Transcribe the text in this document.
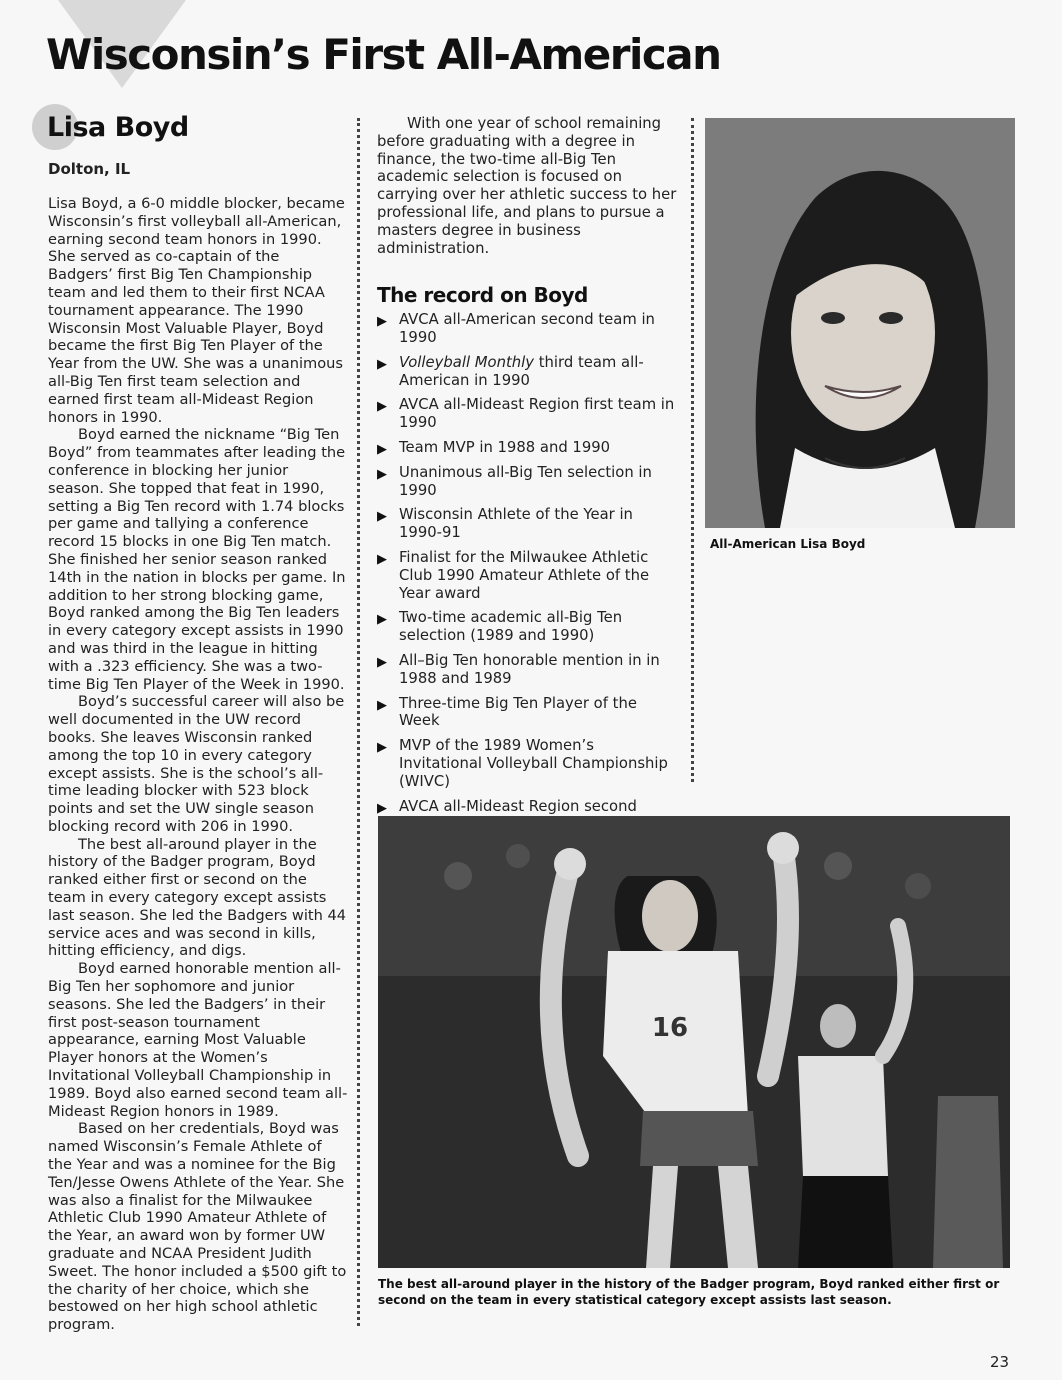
Wisconsin’s First All-American
Lisa Boyd

Dolton, IL

Lisa Boyd, a 6-0 middle blocker, became Wisconsin’s first volleyball all-American, earning second team honors in 1990. She served as co-captain of the Badgers’ first Big Ten Championship team and led them to their first NCAA tournament appearance. The 1990 Wisconsin Most Valuable Player, Boyd became the first Big Ten Player of the Year from the UW. She was a unanimous all-Big Ten first team selection and earned first team all-Mideast Region honors in 1990.

Boyd earned the nickname “Big Ten Boyd” from teammates after leading the conference in blocking her junior season. She topped that feat in 1990, setting a Big Ten record with 1.74 blocks per game and tallying a conference record 15 blocks in one Big Ten match. She finished her senior season ranked 14th in the nation in blocks per game. In addition to her strong blocking game, Boyd ranked among the Big Ten leaders in every category except assists in 1990 and was third in the league in hitting with a .323 efficiency. She was a two-time Big Ten Player of the Week in 1990.

Boyd’s successful career will also be well documented in the UW record books. She leaves Wisconsin ranked among the top 10 in every category except assists. She is the school’s all-time leading blocker with 523 block points and set the UW single season blocking record with 206 in 1990.

The best all-around player in the history of the Badger program, Boyd ranked either first or second on the team in every category except assists last season. She led the Badgers with 44 service aces and was second in kills, hitting efficiency, and digs.

Boyd earned honorable mention all-Big Ten her sophomore and junior seasons. She led the Badgers’ in their first post-season tournament appearance, earning Most Valuable Player honors at the Women’s Invitational Volleyball Championship in 1989. Boyd also earned second team all-Mideast Region honors in 1989.

Based on her credentials, Boyd was named Wisconsin’s Female Athlete of the Year and was a nominee for the Big Ten/Jesse Owens Athlete of the Year. She was also a finalist for the Milwaukee Athletic Club 1990 Amateur Athlete of the Year, an award won by former UW graduate and NCAA President Judith Sweet. The honor included a $500 gift to the charity of her choice, which she bestowed on her high school athletic program.

With one year of school remaining before graduating with a degree in finance, the two-time all-Big Ten academic selection is focused on carrying over her athletic success to her professional life, and plans to pursue a masters degree in business administration.

The record on Boyd
▶ AVCA all-American second team in 1990
▶ Volleyball Monthly third team all-American in 1990
▶ AVCA all-Mideast Region first team in 1990
▶ Team MVP in 1988 and 1990
▶ Unanimous all-Big Ten selection in 1990
▶ Wisconsin Athlete of the Year in 1990-91
▶ Finalist for the Milwaukee Athletic Club 1990 Amateur Athlete of the Year award
▶ Two-time academic all-Big Ten selection (1989 and 1990)
▶ All–Big Ten honorable mention in in 1988 and 1989
▶ Three-time Big Ten Player of the Week
▶ MVP of the 1989 Women’s Invitational Volleyball Championship (WIVC)
▶ AVCA all-Mideast Region second

All-American Lisa Boyd

16

The best all-around player in the history of the Badger program, Boyd ranked either first or second on the team in every statistical category except assists last season.

23
